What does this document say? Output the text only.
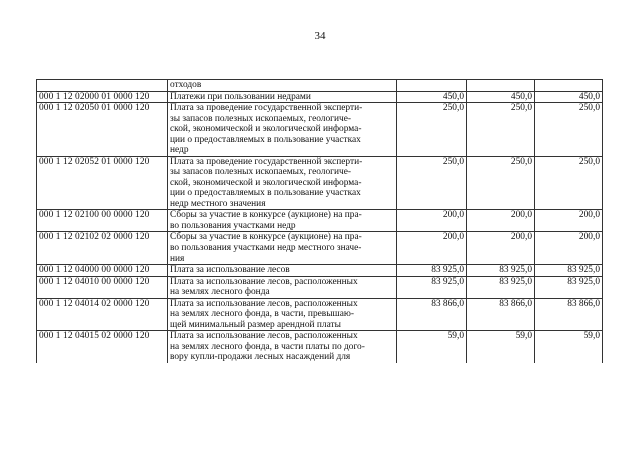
34
	отходов			
000 1 12 02000 01 0000 120	Платежи при пользовании недрами	450,0	450,0	450,0
000 1 12 02050 01 0000 120	Плата за проведение государственной эксперти-
зы запасов полезных ископаемых, геологиче-
ской, экономической и экологической информа-
ции о предоставляемых в пользование участках
недр	250,0	250,0	250,0
000 1 12 02052 01 0000 120	Плата за проведение государственной эксперти-
зы запасов полезных ископаемых, геологиче-
ской, экономической и экологической информа-
ции о предоставляемых в пользование участках
недр местного значения	250,0	250,0	250,0
000 1 12 02100 00 0000 120	Сборы за участие в конкурсе (аукционе) на пра-
во пользования участками недр	200,0	200,0	200,0
000 1 12 02102 02 0000 120	Сборы за участие в конкурсе (аукционе) на пра-
во пользования участками недр местного значе-
ния	200,0	200,0	200,0
000 1 12 04000 00 0000 120	Плата за использование лесов	83 925,0	83 925,0	83 925,0
000 1 12 04010 00 0000 120	Плата за использование лесов, расположенных
на землях лесного фонда	83 925,0	83 925,0	83 925,0
000 1 12 04014 02 0000 120	Плата за использование лесов, расположенных
на землях лесного фонда, в части, превышаю-
щей минимальный размер арендной платы	83 866,0	83 866,0	83 866,0
000 1 12 04015 02 0000 120	Плата за использование лесов, расположенных
на землях лесного фонда, в части платы по дого-
вору купли-продажи лесных насаждений для	59,0	59,0	59,0
